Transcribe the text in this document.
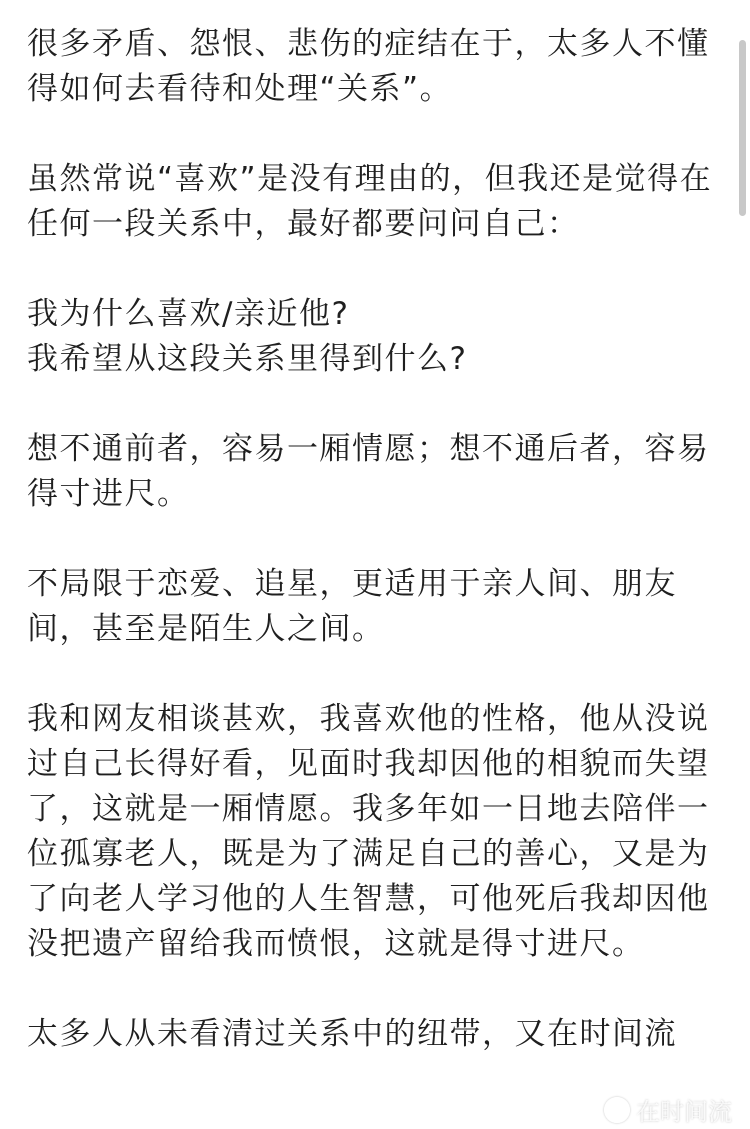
很多矛盾、怨恨、悲伤的症结在于，太多人不懂得如何去看待和处理“关系”。

虽然常说“喜欢”是没有理由的，但我还是觉得在任何一段关系中，最好都要问问自己：

我为什么喜欢/亲近他?
我希望从这段关系里得到什么?

想不通前者，容易一厢情愿；想不通后者，容易得寸进尺。

不局限于恋爱、追星，更适用于亲人间、朋友间，甚至是陌生人之间。

我和网友相谈甚欢，我喜欢他的性格，他从没说过自己长得好看，见面时我却因他的相貌而失望了，这就是一厢情愿。我多年如一日地去陪伴一位孤寡老人，既是为了满足自己的善心，又是为了向老人学习他的人生智慧，可他死后我却因他没把遗产留给我而愤恨，这就是得寸进尺。

太多人从未看清过关系中的纽带，又在时间流

在时间流
